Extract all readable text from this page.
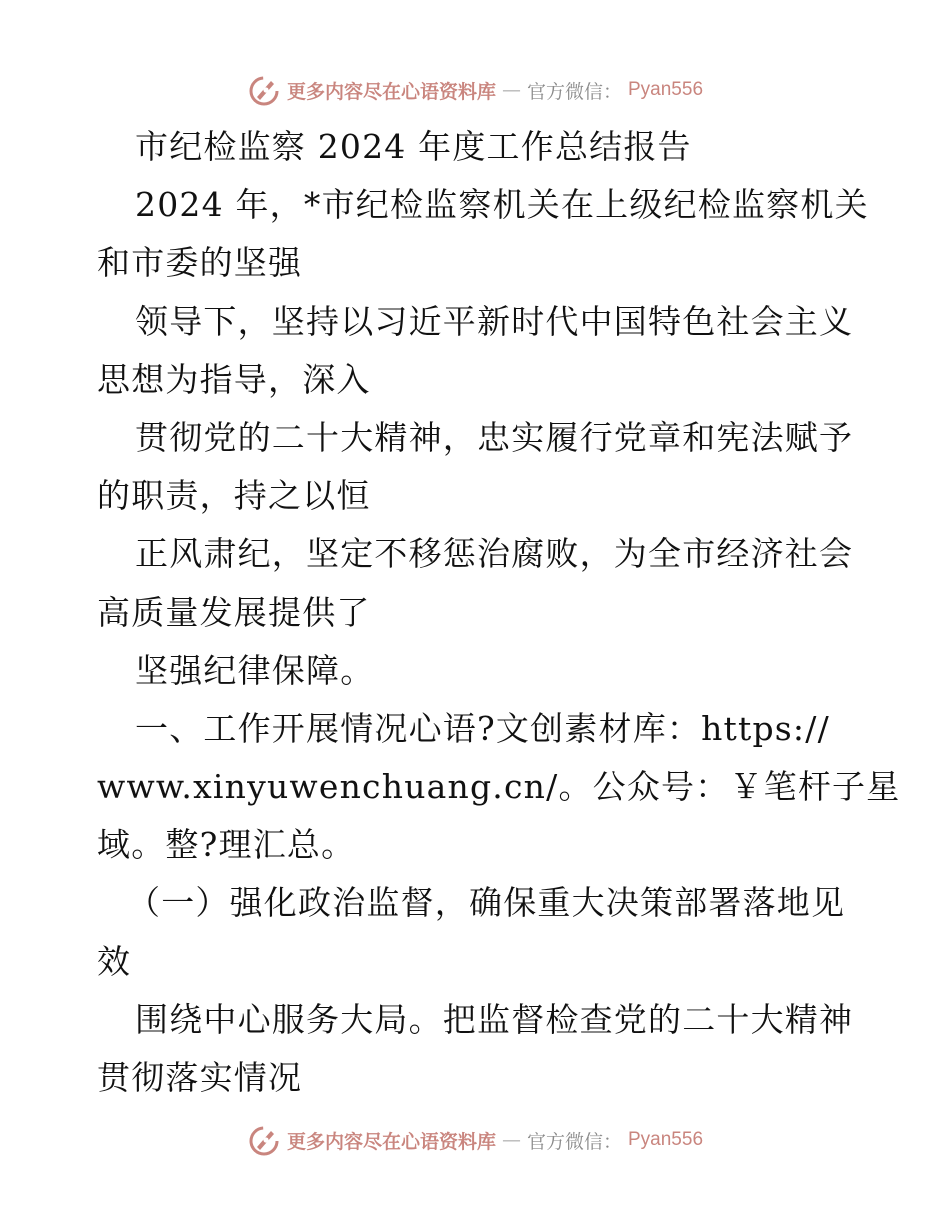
更多内容尽在心语资料库 — 官方微信： Pyan556
市纪检监察 2024 年度工作总结报告
2024 年，*市纪检监察机关在上级纪检监察机关
和市委的坚强
领导下，坚持以习近平新时代中国特色社会主义
思想为指导，深入
贯彻党的二十大精神，忠实履行党章和宪法赋予
的职责，持之以恒
正风肃纪，坚定不移惩治腐败，为全市经济社会
高质量发展提供了
坚强纪律保障。
一、工作开展情况心语?文创素材库：https://
www.xinyuwenchuang.cn/。公众号：￥笔杆子星
域。整?理汇总。
（一）强化政治监督，确保重大决策部署落地见
效
围绕中心服务大局。把监督检查党的二十大精神
贯彻落实情况
更多内容尽在心语资料库 — 官方微信： Pyan556
